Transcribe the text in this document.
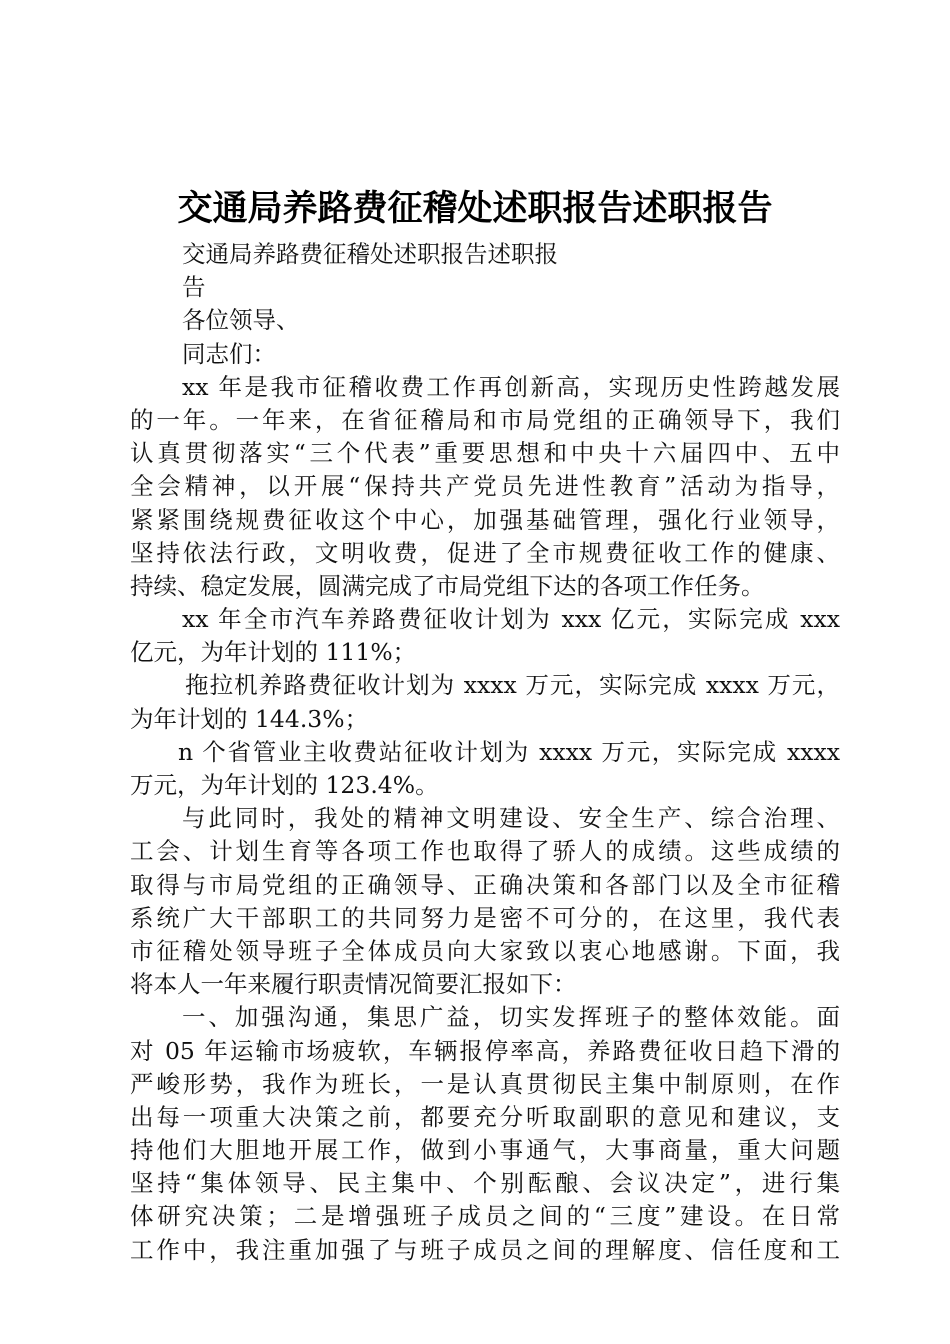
交通局养路费征稽处述职报告述职报告
交通局养路费征稽处述职报告述职报
告
各位领导、
同志们：
xx 年是我市征稽收费工作再创新高，实现历史性跨越发展
的一年。一年来，在省征稽局和市局党组的正确领导下，我们
认真贯彻落实“三个代表”重要思想和中央十六届四中、五中
全会精神，以开展“保持共产党员先进性教育”活动为指导，
紧紧围绕规费征收这个中心，加强基础管理，强化行业领导，
坚持依法行政，文明收费，促进了全市规费征收工作的健康、
持续、稳定发展，圆满完成了市局党组下达的各项工作任务。
xx 年全市汽车养路费征收计划为 xxx 亿元，实际完成 xxx
亿元，为年计划的 111%；
拖拉机养路费征收计划为 xxxx 万元，实际完成 xxxx 万元，
为年计划的 144.3%；
n 个省管业主收费站征收计划为 xxxx 万元，实际完成 xxxx
万元，为年计划的 123.4%。
与此同时，我处的精神文明建设、安全生产、综合治理、
工会、计划生育等各项工作也取得了骄人的成绩。这些成绩的
取得与市局党组的正确领导、正确决策和各部门以及全市征稽
系统广大干部职工的共同努力是密不可分的，在这里，我代表
市征稽处领导班子全体成员向大家致以衷心地感谢。下面，我
将本人一年来履行职责情况简要汇报如下：
一、加强沟通，集思广益，切实发挥班子的整体效能。面
对 05 年运输市场疲软，车辆报停率高，养路费征收日趋下滑的
严峻形势，我作为班长，一是认真贯彻民主集中制原则，在作
出每一项重大决策之前，都要充分听取副职的意见和建议，支
持他们大胆地开展工作，做到小事通气，大事商量，重大问题
坚持“集体领导、民主集中、个别酝酿、会议决定”，进行集
体研究决策；二是增强班子成员之间的“三度”建设。在日常
工作中，我注重加强了与班子成员之间的理解度、信任度和工
